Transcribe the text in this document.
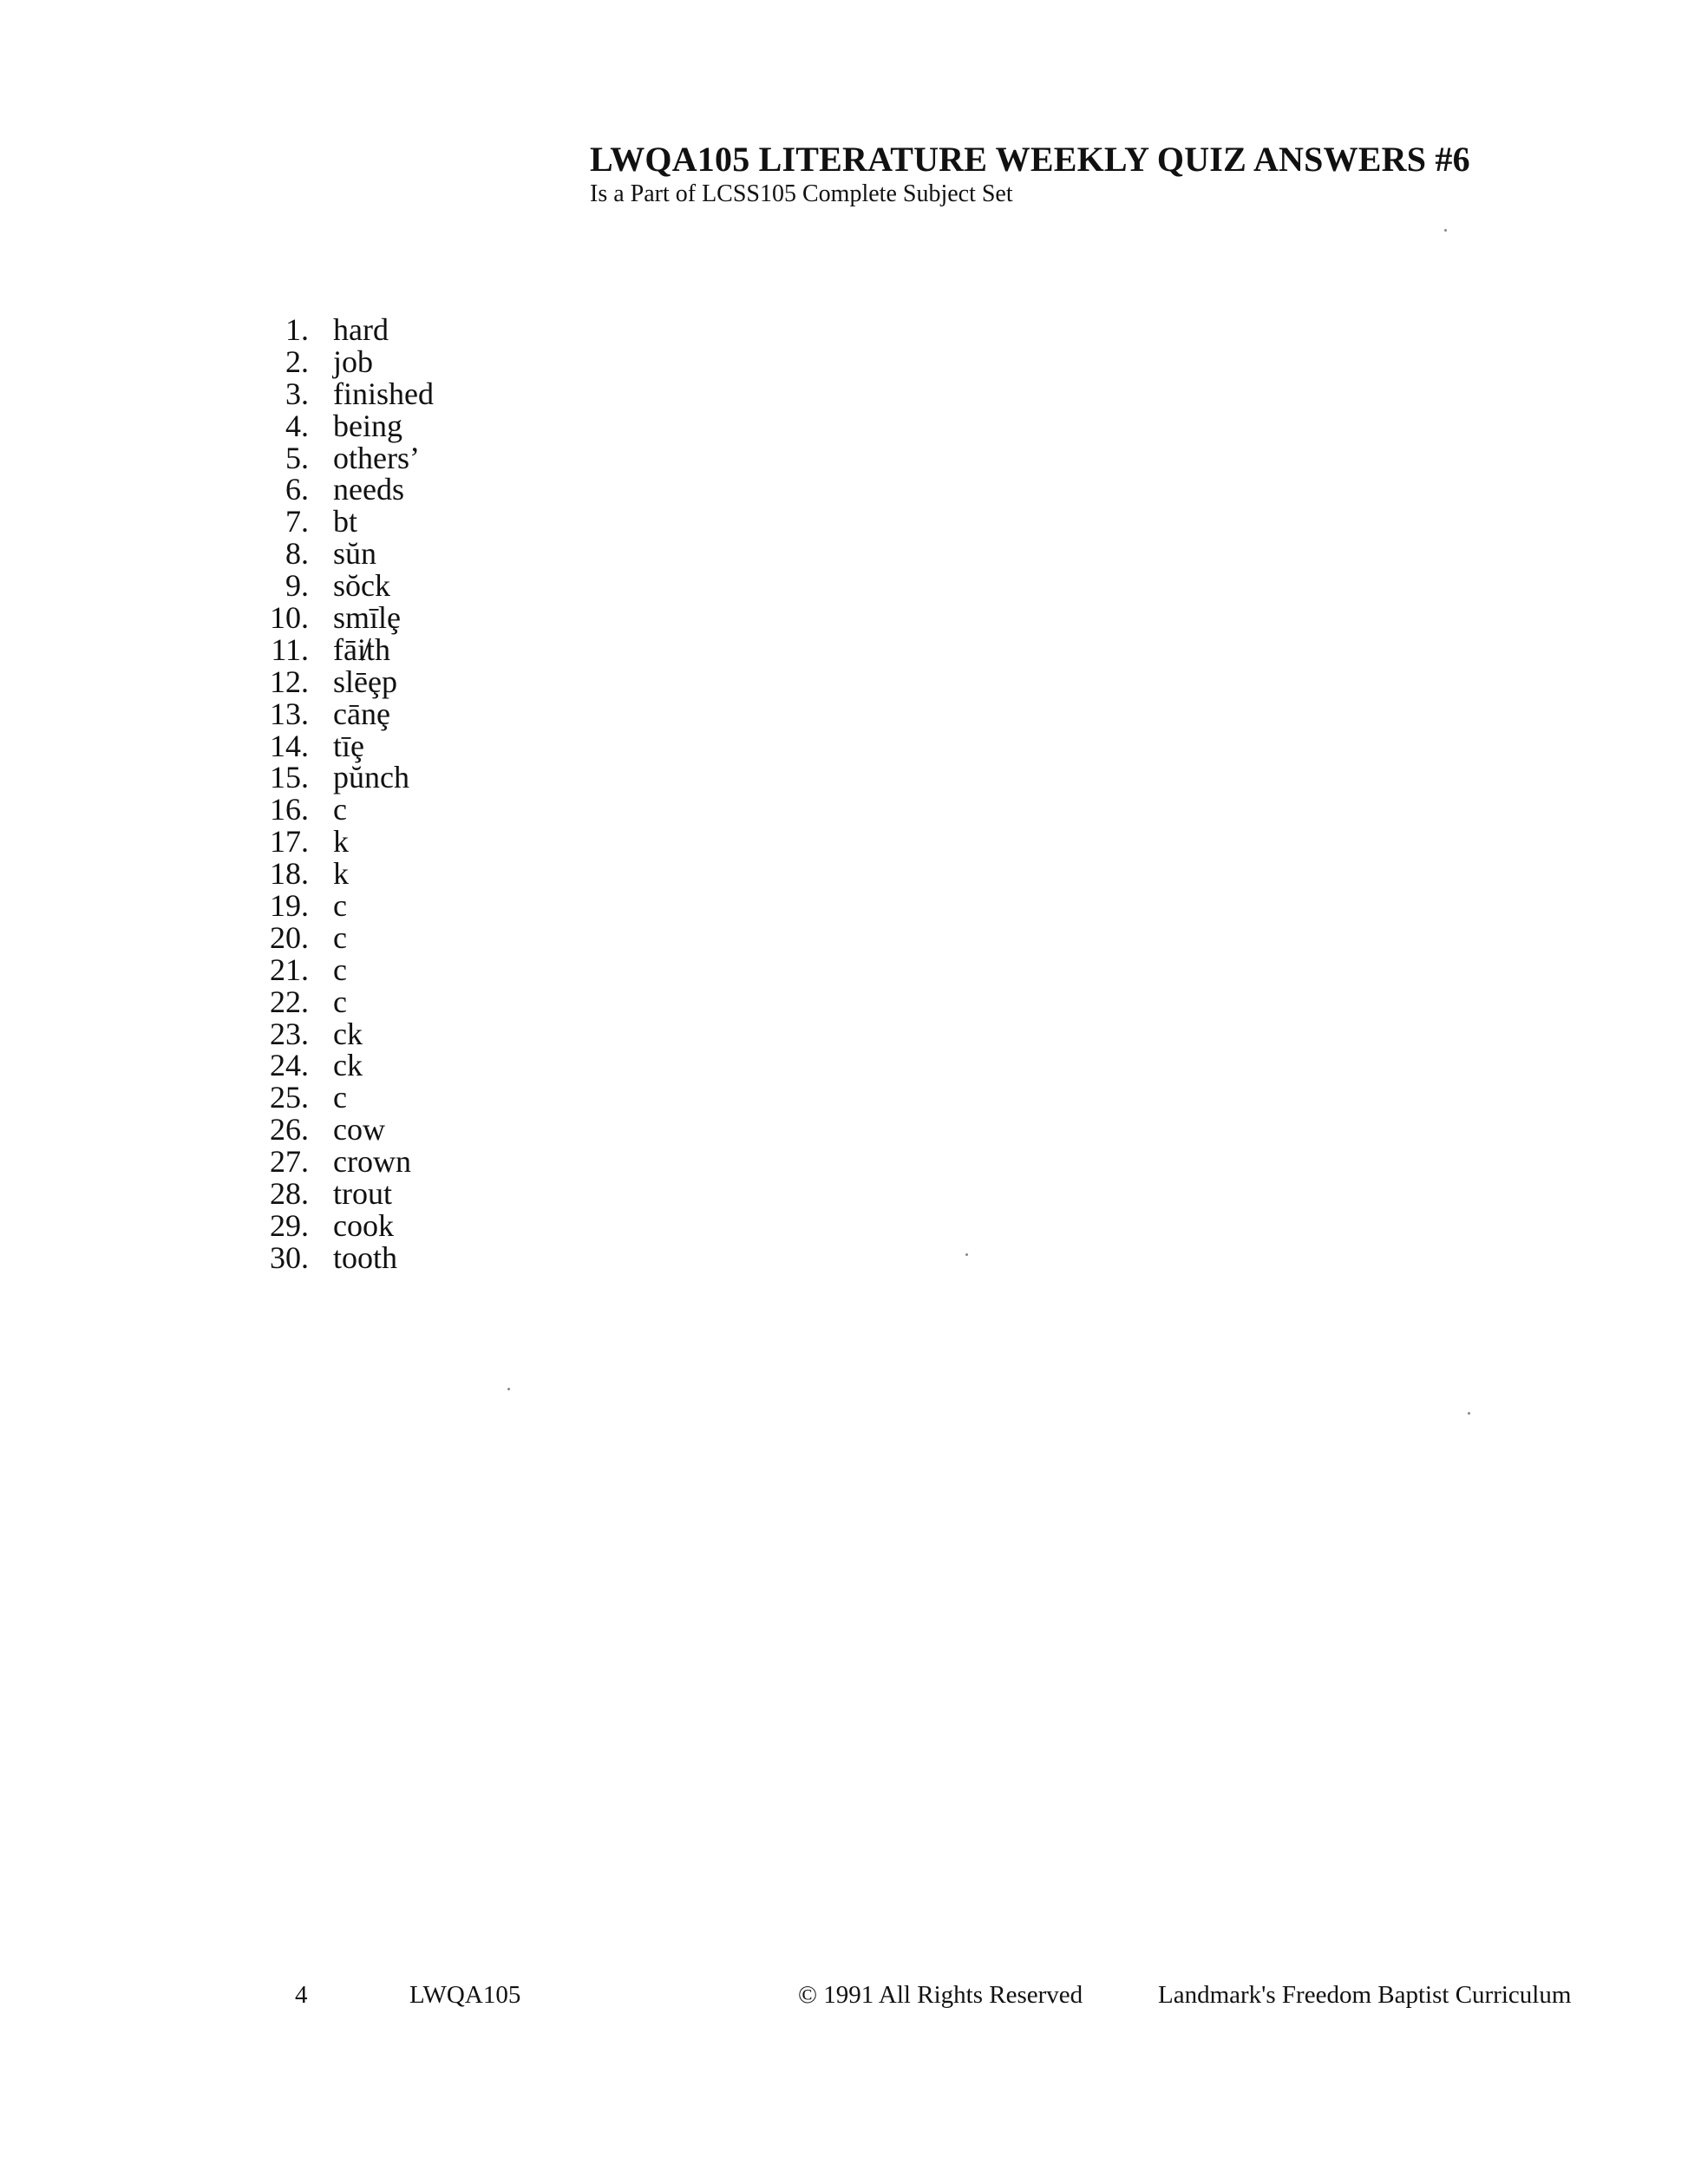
LWQA105 LITERATURE WEEKLY QUIZ ANSWERS #6

Is a Part of LCSS105 Complete Subject Set

1. hard
2. job
3. finished
4. being
5. others’
6. needs
7. bt
8. sŭn
9. sŏck
10. smīlȩ
11. fāi̸th
12. slēȩp
13. cānȩ
14. tīȩ
15. pŭnch
16. c
17. k
18. k
19. c
20. c
21. c
22. c
23. ck
24. ck
25. c
26. cow
27. crown
28. trout
29. cook
30. tooth
4	LWQA105	© 1991 All Rights Reserved	Landmark's Freedom Baptist Curriculum
